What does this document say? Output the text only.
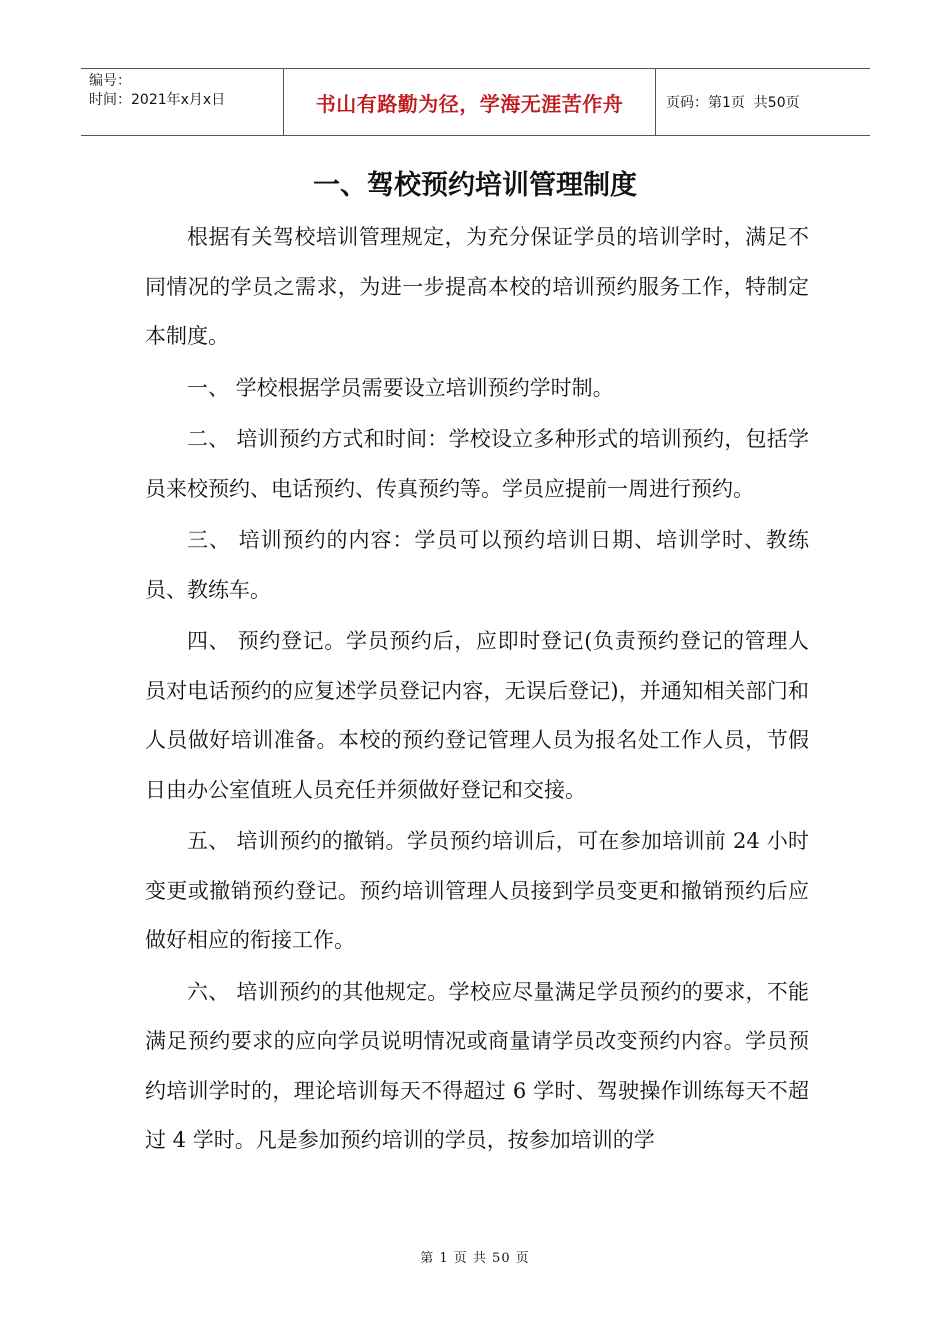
编号：
时间：2021年x月x日	书山有路勤为径，学海无涯苦作舟	页码：第1页  共50页
一、驾校预约培训管理制度

根据有关驾校培训管理规定，为充分保证学员的培训学时，满足不同情况的学员之需求，为进一步提高本校的培训预约服务工作，特制定本制度。

一、 学校根据学员需要设立培训预约学时制。

二、 培训预约方式和时间：学校设立多种形式的培训预约，包括学员来校预约、电话预约、传真预约等。学员应提前一周进行预约。

三、 培训预约的内容：学员可以预约培训日期、培训学时、教练员、教练车。

四、 预约登记。学员预约后，应即时登记(负责预约登记的管理人员对电话预约的应复述学员登记内容，无误后登记)，并通知相关部门和人员做好培训准备。本校的预约登记管理人员为报名处工作人员，节假日由办公室值班人员充任并须做好登记和交接。

五、 培训预约的撤销。学员预约培训后，可在参加培训前 24 小时变更或撤销预约登记。预约培训管理人员接到学员变更和撤销预约后应做好相应的衔接工作。

六、 培训预约的其他规定。学校应尽量满足学员预约的要求，不能满足预约要求的应向学员说明情况或商量请学员改变预约内容。学员预约培训学时的，理论培训每天不得超过 6 学时、驾驶操作训练每天不超过 4 学时。凡是参加预约培训的学员，按参加培训的学

第 1 页 共 50 页
